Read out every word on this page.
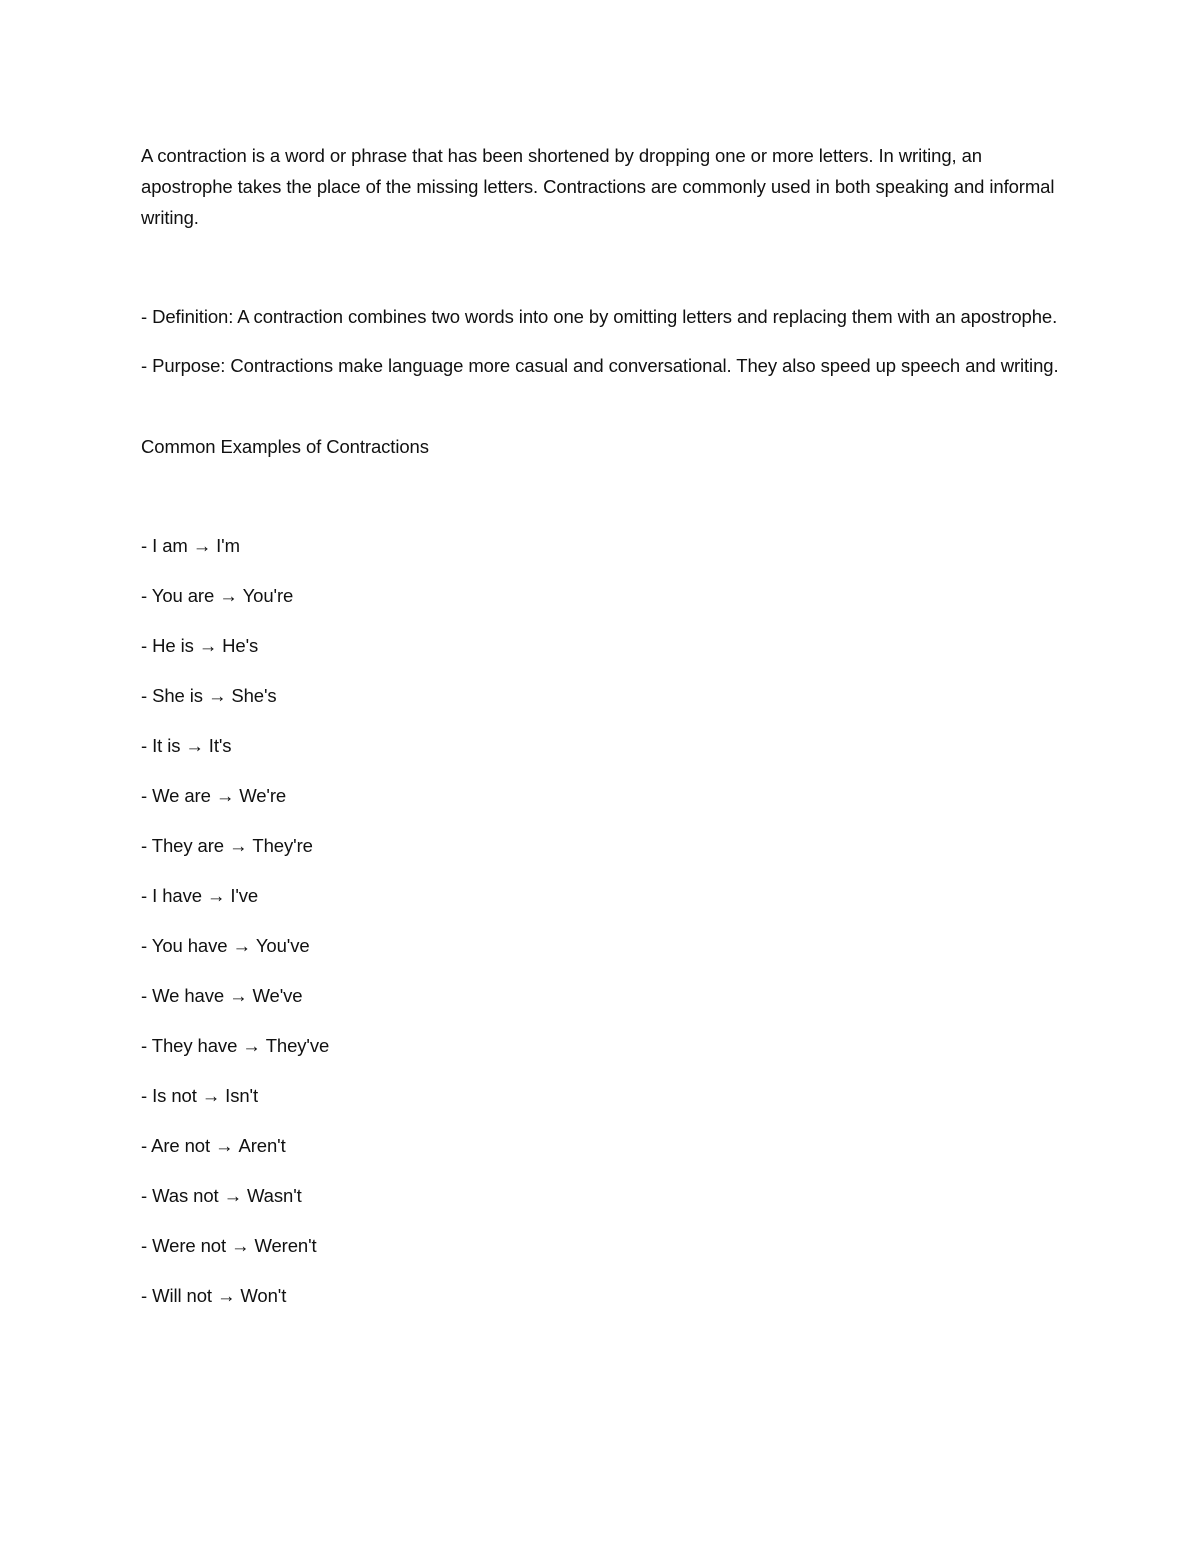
A contraction is a word or phrase that has been shortened by dropping one or more letters. In writing, an apostrophe takes the place of the missing letters. Contractions are commonly used in both speaking and informal writing.

- Definition: A contraction combines two words into one by omitting letters and replacing them with an apostrophe.

- Purpose: Contractions make language more casual and conversational. They also speed up speech and writing.

Common Examples of Contractions

- I am → I'm
- You are → You're
- He is → He's
- She is → She's
- It is → It's
- We are → We're
- They are → They're
- I have → I've
- You have → You've
- We have → We've
- They have → They've
- Is not → Isn't
- Are not → Aren't
- Was not → Wasn't
- Were not → Weren't
- Will not → Won't
